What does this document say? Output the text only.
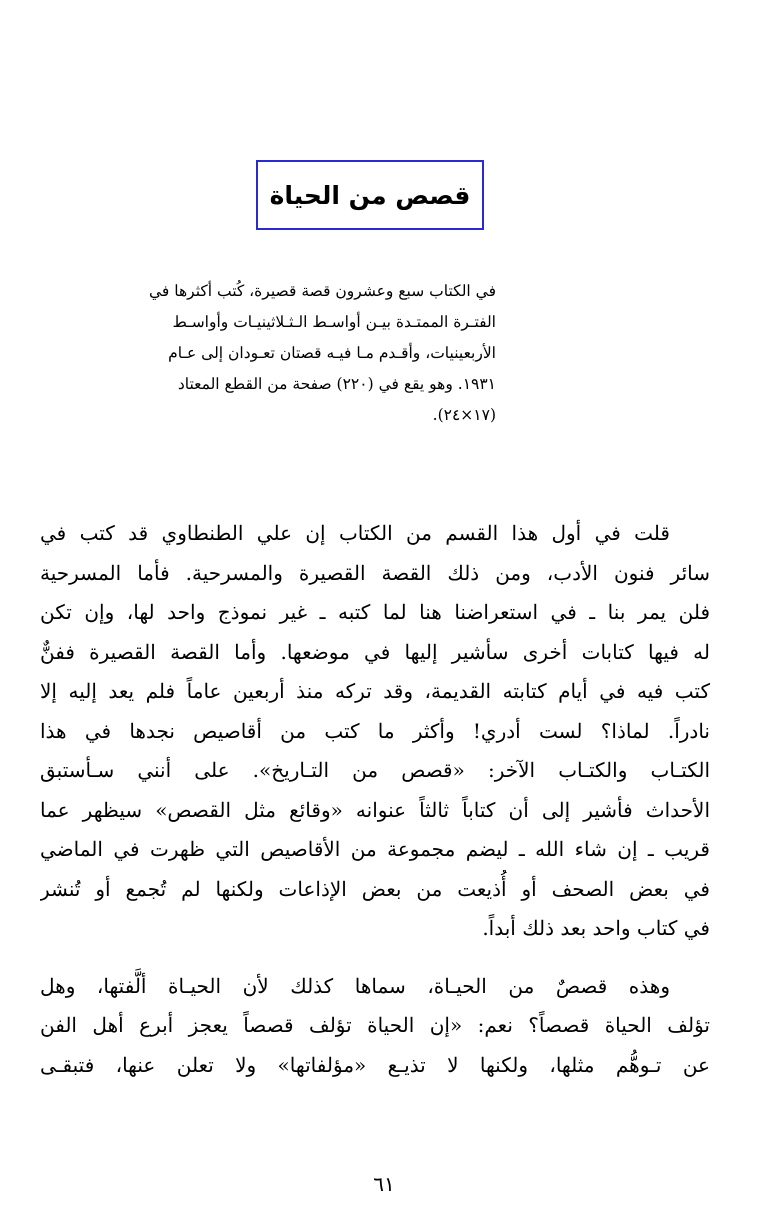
قصص من الحياة
في الكتاب سبع وعشرون قصة قصيرة، كُتب أكثرها في
الفتـرة الممتـدة بيـن أواسـط الـثـلاثينيـات وأواسـط
الأربعينيات، وأقـدم مـا فيـه قصتان تعـودان إلى عـام
١٩٣١. وهو يقع في (٢٢٠) صفحة من القطع المعتاد
(١٧×٢٤).

قلت في أول هذا القسم من الكتاب إن علي الطنطاوي قد كتب في
سائر فنون الأدب، ومن ذلك القصة القصيرة والمسرحية. فأما المسرحية
فلن يمر بنا ـ في استعراضنا هنا لما كتبه ـ غير نموذج واحد لها، وإن تكن
له فيها كتابات أخرى سأشير إليها في موضعها. وأما القصة القصيرة ففنٌّ
كتب فيه في أيام كتابته القديمة، وقد تركه منذ أربعين عاماً فلم يعد إليه إلا
نادراً. لماذا؟ لست أدري! وأكثر ما كتب من أقاصيص نجدها في هذا
الكتـاب والكتـاب الآخر: «قصص من التـاريخ». على أنني سـأستبق
الأحداث فأشير إلى أن كتاباً ثالثاً عنوانه «وقائع مثل القصص» سيظهر عما
قريب ـ إن شاء الله ـ ليضم مجموعة من الأقاصيص التي ظهرت في الماضي
في بعض الصحف أو أُذيعت من بعض الإذاعات ولكنها لم تُجمع أو تُنشر
في كتاب واحد بعد ذلك أبداً.

وهذه قصصٌ من الحيـاة، سماها كذلك لأن الحيـاة ألَّفتها، وهل
تؤلف الحياة قصصاً؟ نعم: «إن الحياة تؤلف قصصاً يعجز أبرع أهل الفن
عن تـوهُّم مثلها، ولكنها لا تذيـع «مؤلفاتها» ولا تعلن عنها، فتبقـى

٦١
